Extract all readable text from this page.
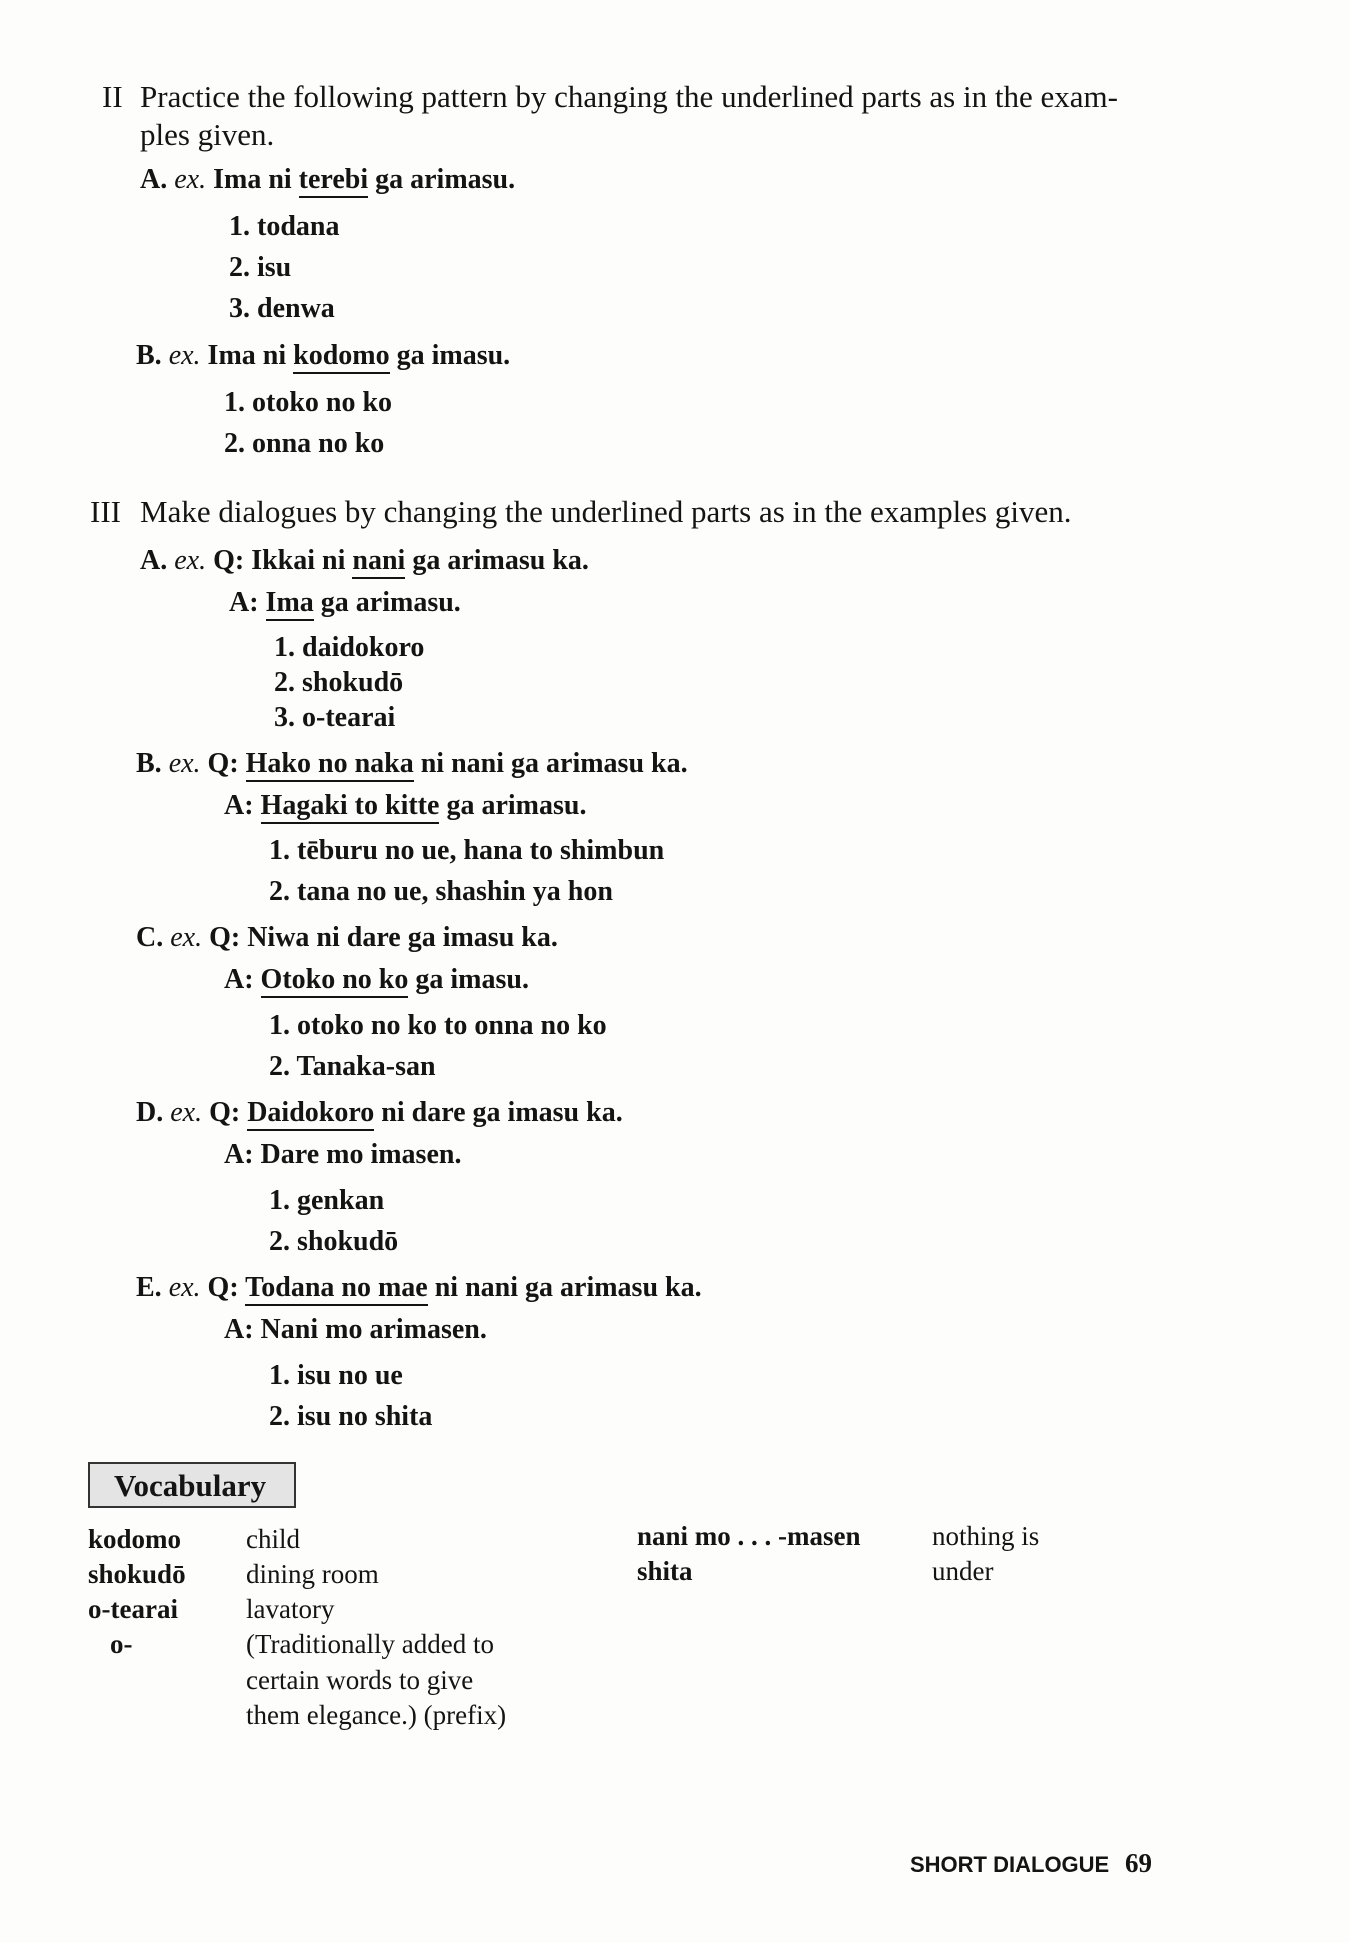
II Practice the following pattern by changing the underlined parts as in the exam-
ples given.
A. ex. Ima ni terebi ga arimasu.
1. todana
2. isu
3. denwa
B. ex. Ima ni kodomo ga imasu.
1. otoko no ko
2. onna no ko
III Make dialogues by changing the underlined parts as in the examples given.
A. ex. Q: Ikkai ni nani ga arimasu ka.
A: Ima ga arimasu.
1. daidokoro
2. shokudō
3. o-tearai
B. ex. Q: Hako no naka ni nani ga arimasu ka.
A: Hagaki to kitte ga arimasu.
1. tēburu no ue, hana to shimbun
2. tana no ue, shashin ya hon
C. ex. Q: Niwa ni dare ga imasu ka.
A: Otoko no ko ga imasu.
1. otoko no ko to onna no ko
2. Tanaka-san
D. ex. Q: Daidokoro ni dare ga imasu ka.
A: Dare mo imasen.
1. genkan
2. shokudō
E. ex. Q: Todana no mae ni nani ga arimasu ka.
A: Nani mo arimasen.
1. isu no ue
2. isu no shita
Vocabulary
kodomo child
shokudō dining room
o-tearai	lavatory
o-	(Traditionally added to
certain words to give
them elegance.) (prefix)
nani mo . . . -masen	nothing is
shita	under
SHORT DIALOGUE 69
